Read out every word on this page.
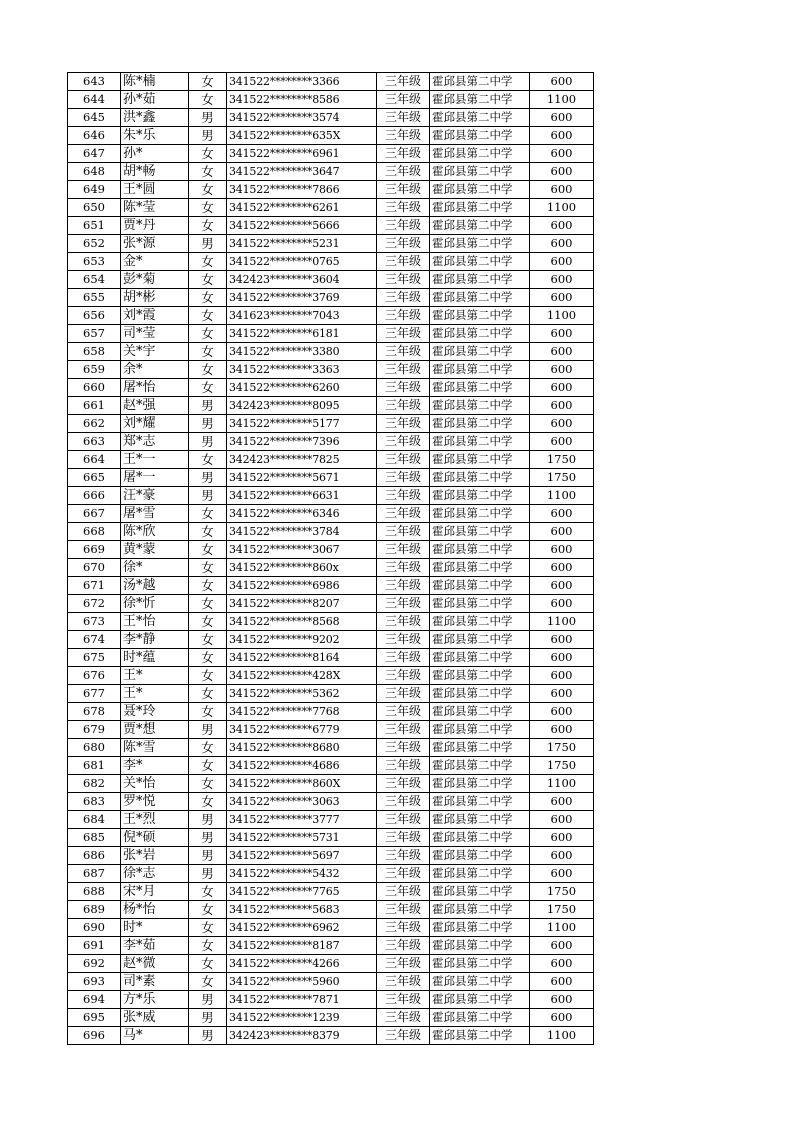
643	陈*楠	女	341522********3366	三年级	霍邱县第二中学	600
644	孙*茹	女	341522********8586	三年级	霍邱县第二中学	1100
645	洪*鑫	男	341522********3574	三年级	霍邱县第二中学	600
646	朱*乐	男	341522********635X	三年级	霍邱县第二中学	600
647	孙*	女	341522********6961	三年级	霍邱县第二中学	600
648	胡*畅	女	341522********3647	三年级	霍邱县第二中学	600
649	王*圆	女	341522********7866	三年级	霍邱县第二中学	600
650	陈*莹	女	341522********6261	三年级	霍邱县第二中学	1100
651	贾*丹	女	341522********5666	三年级	霍邱县第二中学	600
652	张*源	男	341522********5231	三年级	霍邱县第二中学	600
653	金*	女	341522********0765	三年级	霍邱县第二中学	600
654	彭*菊	女	342423********3604	三年级	霍邱县第二中学	600
655	胡*彬	女	341522********3769	三年级	霍邱县第二中学	600
656	刘*霞	女	341623********7043	三年级	霍邱县第二中学	1100
657	司*莹	女	341522********6181	三年级	霍邱县第二中学	600
658	关*宇	女	341522********3380	三年级	霍邱县第二中学	600
659	余*	女	341522********3363	三年级	霍邱县第二中学	600
660	屠*怡	女	341522********6260	三年级	霍邱县第二中学	600
661	赵*强	男	342423********8095	三年级	霍邱县第二中学	600
662	刘*耀	男	341522********5177	三年级	霍邱县第二中学	600
663	郑*志	男	341522********7396	三年级	霍邱县第二中学	600
664	王*一	女	342423********7825	三年级	霍邱县第二中学	1750
665	屠*一	男	341522********5671	三年级	霍邱县第二中学	1750
666	汪*豪	男	341522********6631	三年级	霍邱县第二中学	1100
667	屠*雪	女	341522********6346	三年级	霍邱县第二中学	600
668	陈*欣	女	341522********3784	三年级	霍邱县第二中学	600
669	黄*蒙	女	341522********3067	三年级	霍邱县第二中学	600
670	徐*	女	341522********860x	三年级	霍邱县第二中学	600
671	汤*越	女	341522********6986	三年级	霍邱县第二中学	600
672	徐*忻	女	341522********8207	三年级	霍邱县第二中学	600
673	王*怡	女	341522********8568	三年级	霍邱县第二中学	1100
674	李*静	女	341522********9202	三年级	霍邱县第二中学	600
675	时*蕴	女	341522********8164	三年级	霍邱县第二中学	600
676	王*	女	341522********428X	三年级	霍邱县第二中学	600
677	王*	女	341522********5362	三年级	霍邱县第二中学	600
678	聂*玲	女	341522********7768	三年级	霍邱县第二中学	600
679	贾*想	男	341522********6779	三年级	霍邱县第二中学	600
680	陈*雪	女	341522********8680	三年级	霍邱县第二中学	1750
681	李*	女	341522********4686	三年级	霍邱县第二中学	1750
682	关*怡	女	341522********860X	三年级	霍邱县第二中学	1100
683	罗*悦	女	341522********3063	三年级	霍邱县第二中学	600
684	王*烈	男	341522********3777	三年级	霍邱县第二中学	600
685	倪*硕	男	341522********5731	三年级	霍邱县第二中学	600
686	张*岩	男	341522********5697	三年级	霍邱县第二中学	600
687	徐*志	男	341522********5432	三年级	霍邱县第二中学	600
688	宋*月	女	341522********7765	三年级	霍邱县第二中学	1750
689	杨*怡	女	341522********5683	三年级	霍邱县第二中学	1750
690	时*	女	341522********6962	三年级	霍邱县第二中学	1100
691	李*茹	女	341522********8187	三年级	霍邱县第二中学	600
692	赵*微	女	341522********4266	三年级	霍邱县第二中学	600
693	司*素	女	341522********5960	三年级	霍邱县第二中学	600
694	方*乐	男	341522********7871	三年级	霍邱县第二中学	600
695	张*威	男	341522********1239	三年级	霍邱县第二中学	600
696	马*	男	342423********8379	三年级	霍邱县第二中学	1100
